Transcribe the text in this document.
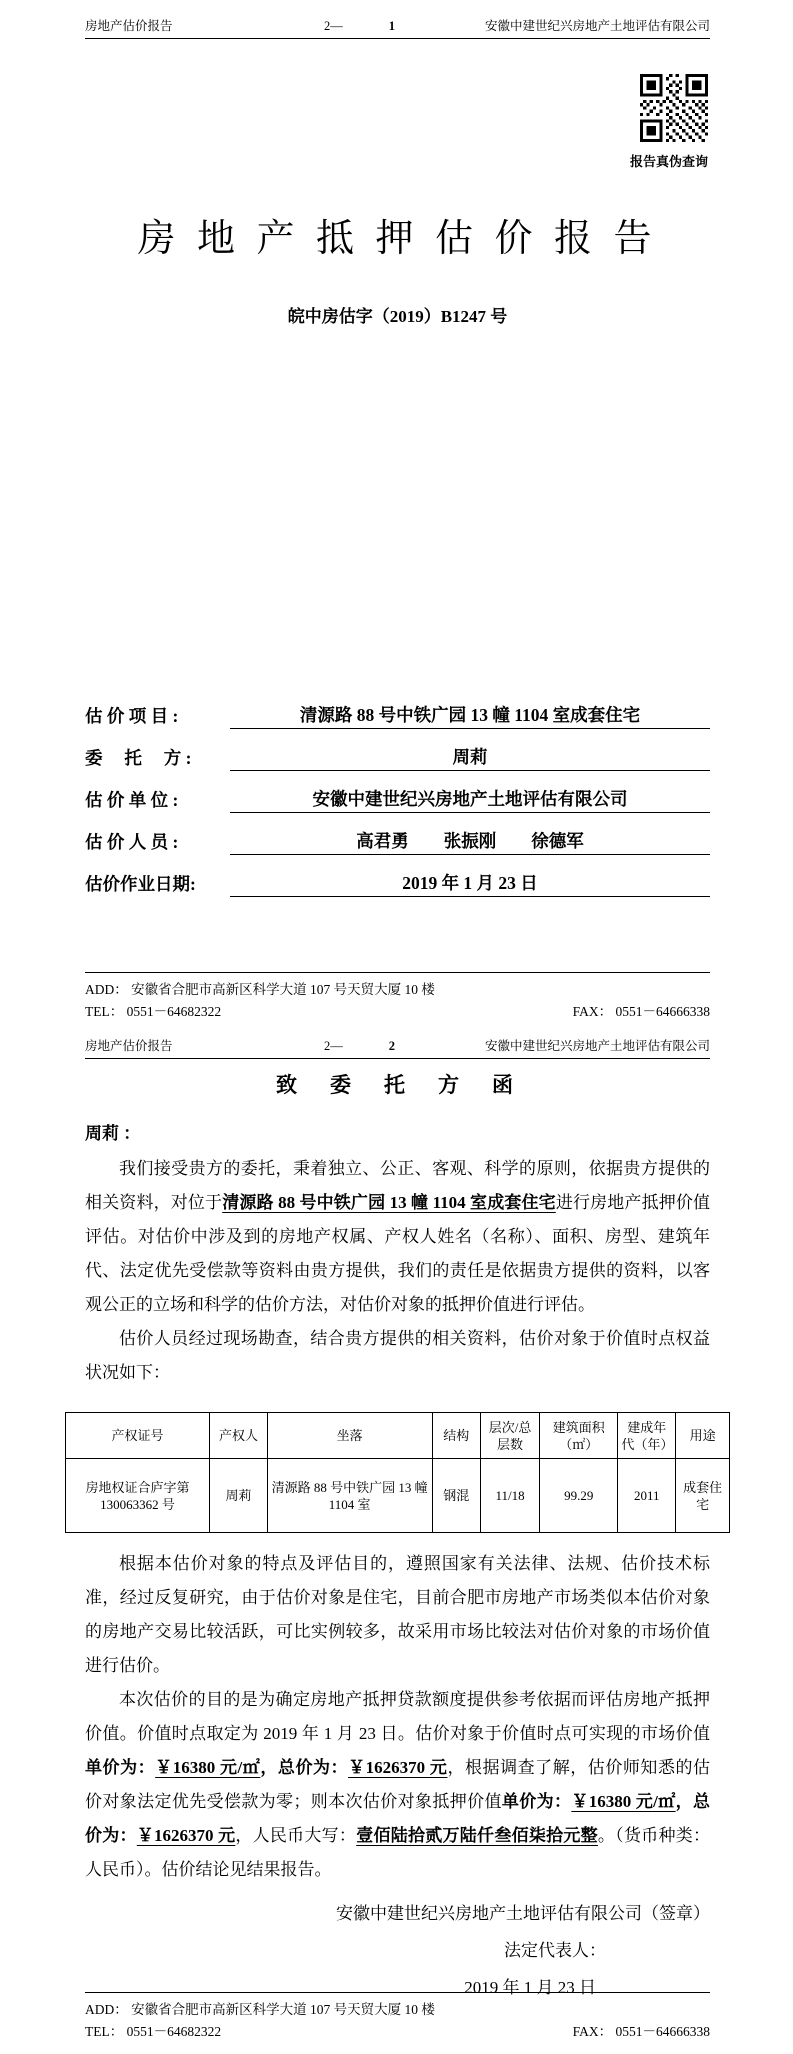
房地产估价报告	2—	1	安徽中建世纪兴房地产土地评估有限公司
报告真伪查询
房 地 产 抵 押 估 价 报 告
皖中房估字（2019）B1247 号
估 价 项 目 :	清源路 88 号中铁广园 13 幢 1104 室成套住宅
委　 托　 方 :	周莉
估 价 单 位 :	安徽中建世纪兴房地产土地评估有限公司
估 价 人 员 :	高君勇　　张振刚　　徐德军
估价作业日期:	2019 年 1 月 23 日
ADD： 安徽省合肥市高新区科学大道 107 号天贸大厦 10 楼
TEL： 0551－64682322	FAX： 0551－64666338
房地产估价报告	2—	2	安徽中建世纪兴房地产土地评估有限公司
致　委　托　方　函
周莉 ：

我们接受贵方的委托，秉着独立、公正、客观、科学的原则，依据贵方提供的相关资料，对位于清源路 88 号中铁广园 13 幢 1104 室成套住宅进行房地产抵押价值评估。对估价中涉及到的房地产权属、产权人姓名（名称）、面积、房型、建筑年代、法定优先受偿款等资料由贵方提供，我们的责任是依据贵方提供的资料，以客观公正的立场和科学的估价方法，对估价对象的抵押价值进行评估。

估价人员经过现场勘查，结合贵方提供的相关资料，估价对象于价值时点权益状况如下：

产权证号	产权人	坐落	结构	层次/总层数	建筑面积（㎡）	建成年代（年）	用途
房地权证合庐字第 130063362 号	周莉	清源路 88 号中铁广园 13 幢 1104 室	钢混	11/18	99.29	2011	成套住宅

根据本估价对象的特点及评估目的，遵照国家有关法律、法规、估价技术标准，经过反复研究，由于估价对象是住宅，目前合肥市房地产市场类似本估价对象的房地产交易比较活跃，可比实例较多，故采用市场比较法对估价对象的市场价值进行估价。

本次估价的目的是为确定房地产抵押贷款额度提供参考依据而评估房地产抵押价值。价值时点取定为 2019 年 1 月 23 日。估价对象于价值时点可实现的市场价值单价为：￥16380 元/㎡，总价为：￥1626370 元，根据调查了解，估价师知悉的估价对象法定优先受偿款为零；则本次估价对象抵押价值单价为：￥16380 元/㎡，总价为：￥1626370 元，人民币大写：壹佰陆拾贰万陆仟叁佰柒拾元整。（货币种类：人民币）。估价结论见结果报告。

安徽中建世纪兴房地产土地评估有限公司（签章）
法定代表人：
2019 年 1 月 23 日
ADD： 安徽省合肥市高新区科学大道 107 号天贸大厦 10 楼
TEL： 0551－64682322	FAX： 0551－64666338
